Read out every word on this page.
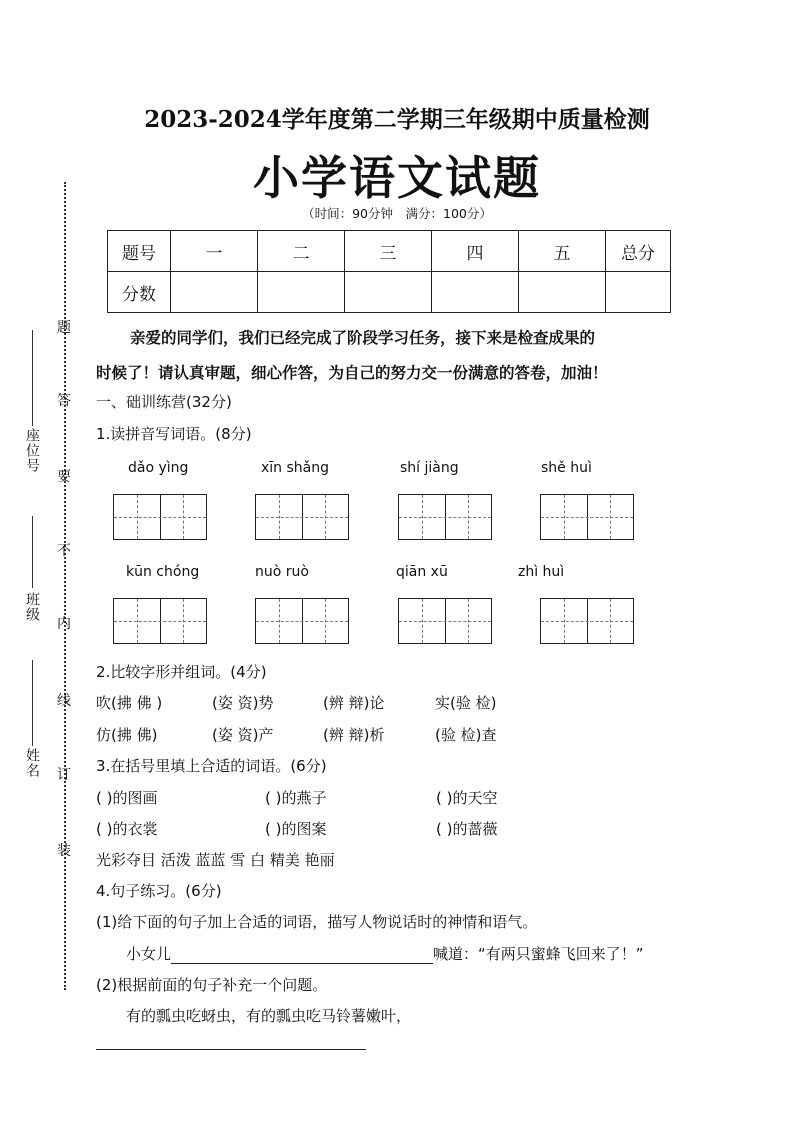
座位号
班级
姓名
题
答
要
不
内
线
订
装
2023-2024学年度第二学期三年级期中质量检测
小学语文试题
（时间：90分钟　满分：100分）
题号	一	二	三	四	五	总分
分数						
亲爱的同学们，我们已经完成了阶段学习任务，接下来是检查成果的
时候了！请认真审题，细心作答，为自己的努力交一份满意的答卷，加油！
一、础训练营(32分)
1.读拼音写词语。(8分)
dǎo yìng	xīn shǎng	shí jiàng	shě huì
kūn chóng	nuò ruò	qiān xū	zhì huì
2.比较字形并组词。(4分)
吹(拂 佛 )	(姿 资)势	(辨 辩)论	实(验 检)
仿(拂 佛)	(姿 资)产	(辨 辩)析	(验 检)查
3.在括号里填上合适的词语。(6分)
( )的图画	( )的燕子	( )的天空
( )的衣裳	( )的图案	( )的蔷薇
光彩夺目 活泼 蓝蓝 雪 白 精美 艳丽
4.句子练习。(6分)
(1)给下面的句子加上合适的词语，描写人物说话时的神情和语气。
小女儿	喊道：“有两只蜜蜂飞回来了！”
(2)根据前面的句子补充一个问题。
有的瓢虫吃蚜虫，有的瓢虫吃马铃薯嫩叶，
